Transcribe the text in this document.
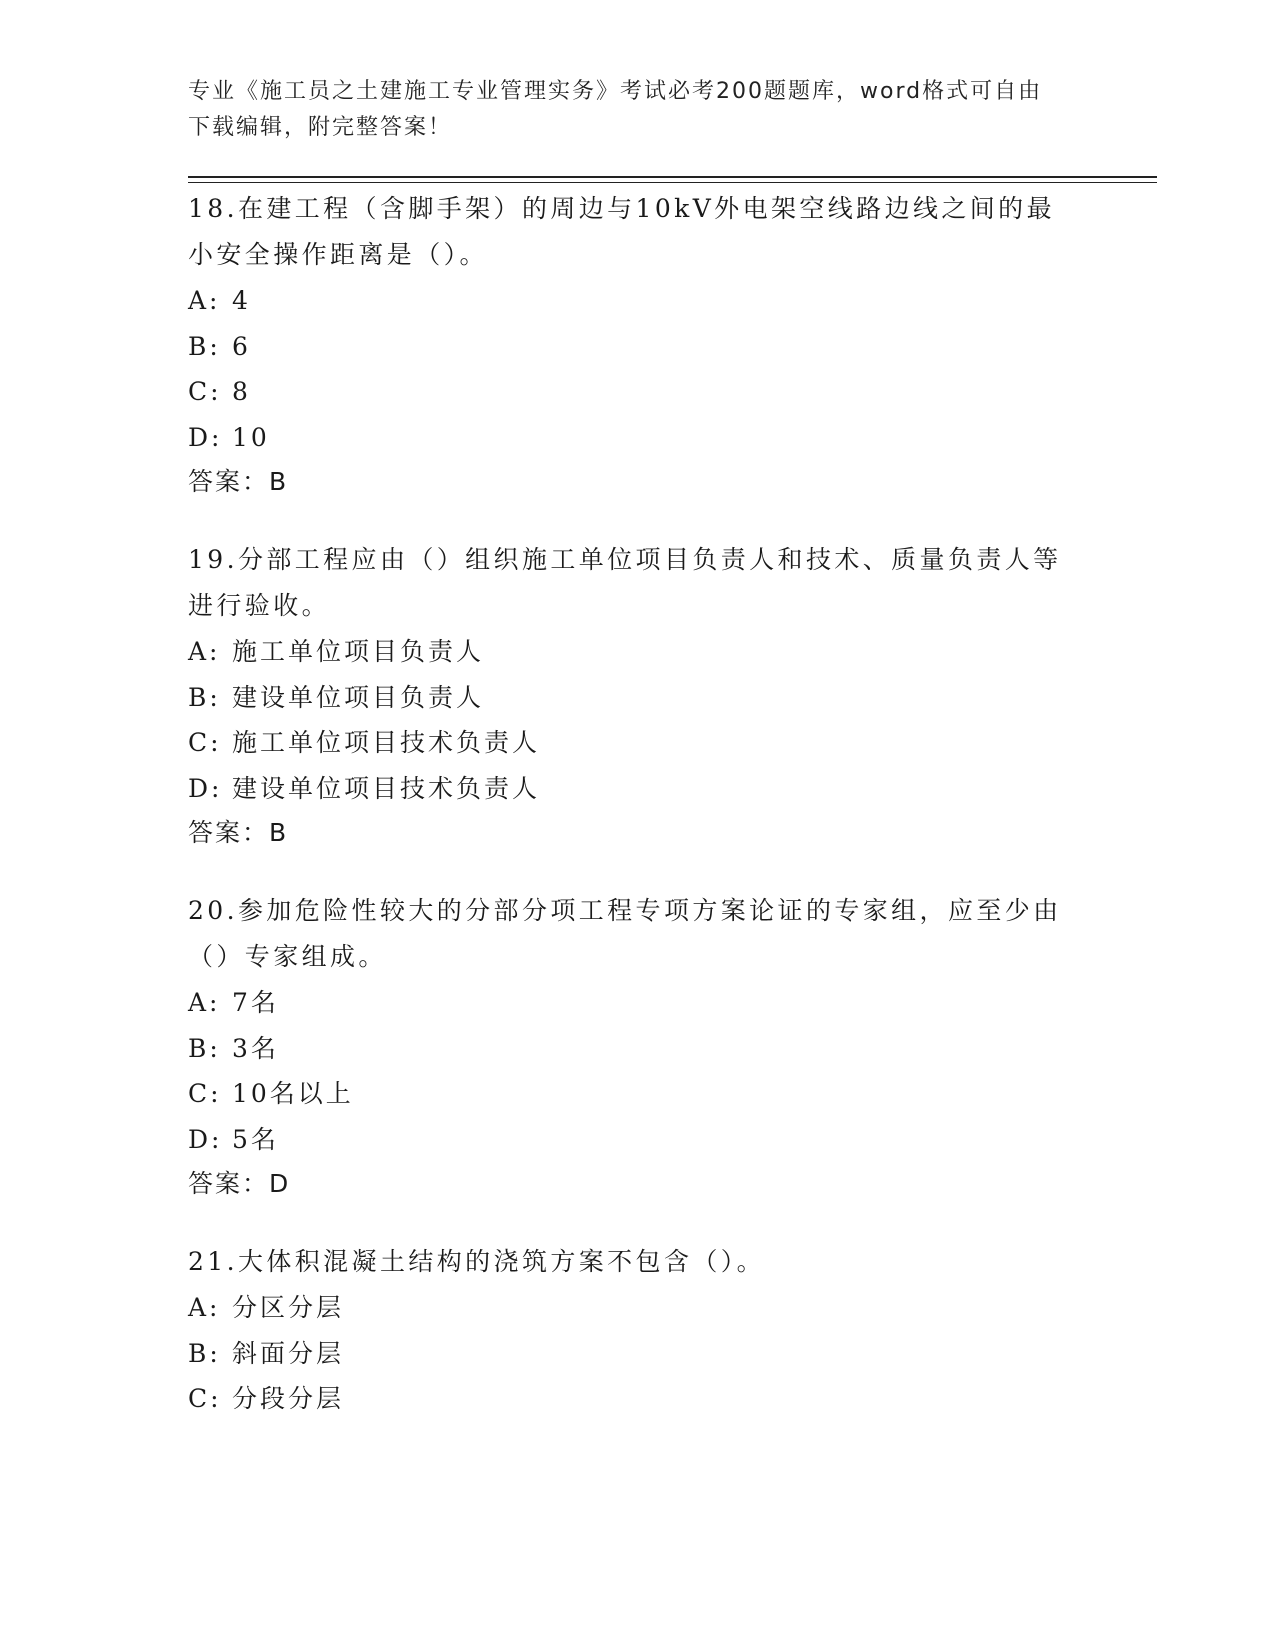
专业《施工员之土建施工专业管理实务》考试必考200题题库，word格式可自由
下载编辑，附完整答案！

18.在建工程（含脚手架）的周边与10kV外电架空线路边线之间的最

小安全操作距离是（）。

A: 4

B: 6

C: 8

D: 10

答案：B

19.分部工程应由（）组织施工单位项目负责人和技术、质量负责人等

进行验收。

A: 施工单位项目负责人

B: 建设单位项目负责人

C: 施工单位项目技术负责人

D: 建设单位项目技术负责人

答案：B

20.参加危险性较大的分部分项工程专项方案论证的专家组，应至少由

（）专家组成。

A: 7名

B: 3名

C: 10名以上

D: 5名

答案：D

21.大体积混凝土结构的浇筑方案不包含（）。

A: 分区分层

B: 斜面分层

C: 分段分层
